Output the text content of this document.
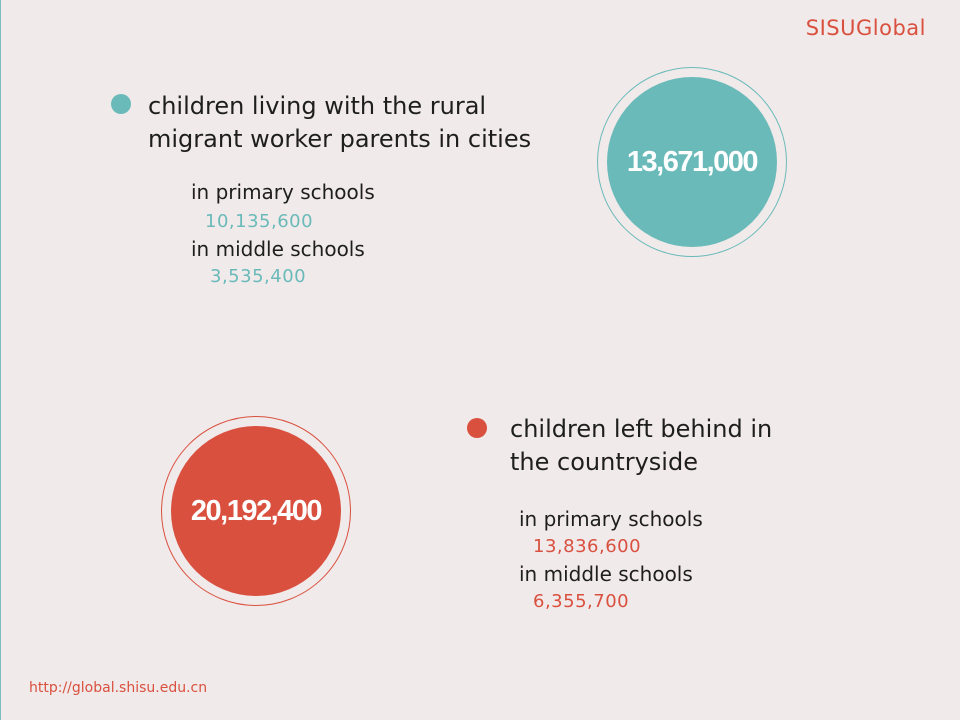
SISUGlobal
children living with the rural
migrant worker parents in cities
in primary schools
10,135,600
in middle schools
3,535,400
13,671,000
20,192,400
children left behind in
the countryside
in primary schools
13,836,600
in middle schools
6,355,700
http://global.shisu.edu.cn
